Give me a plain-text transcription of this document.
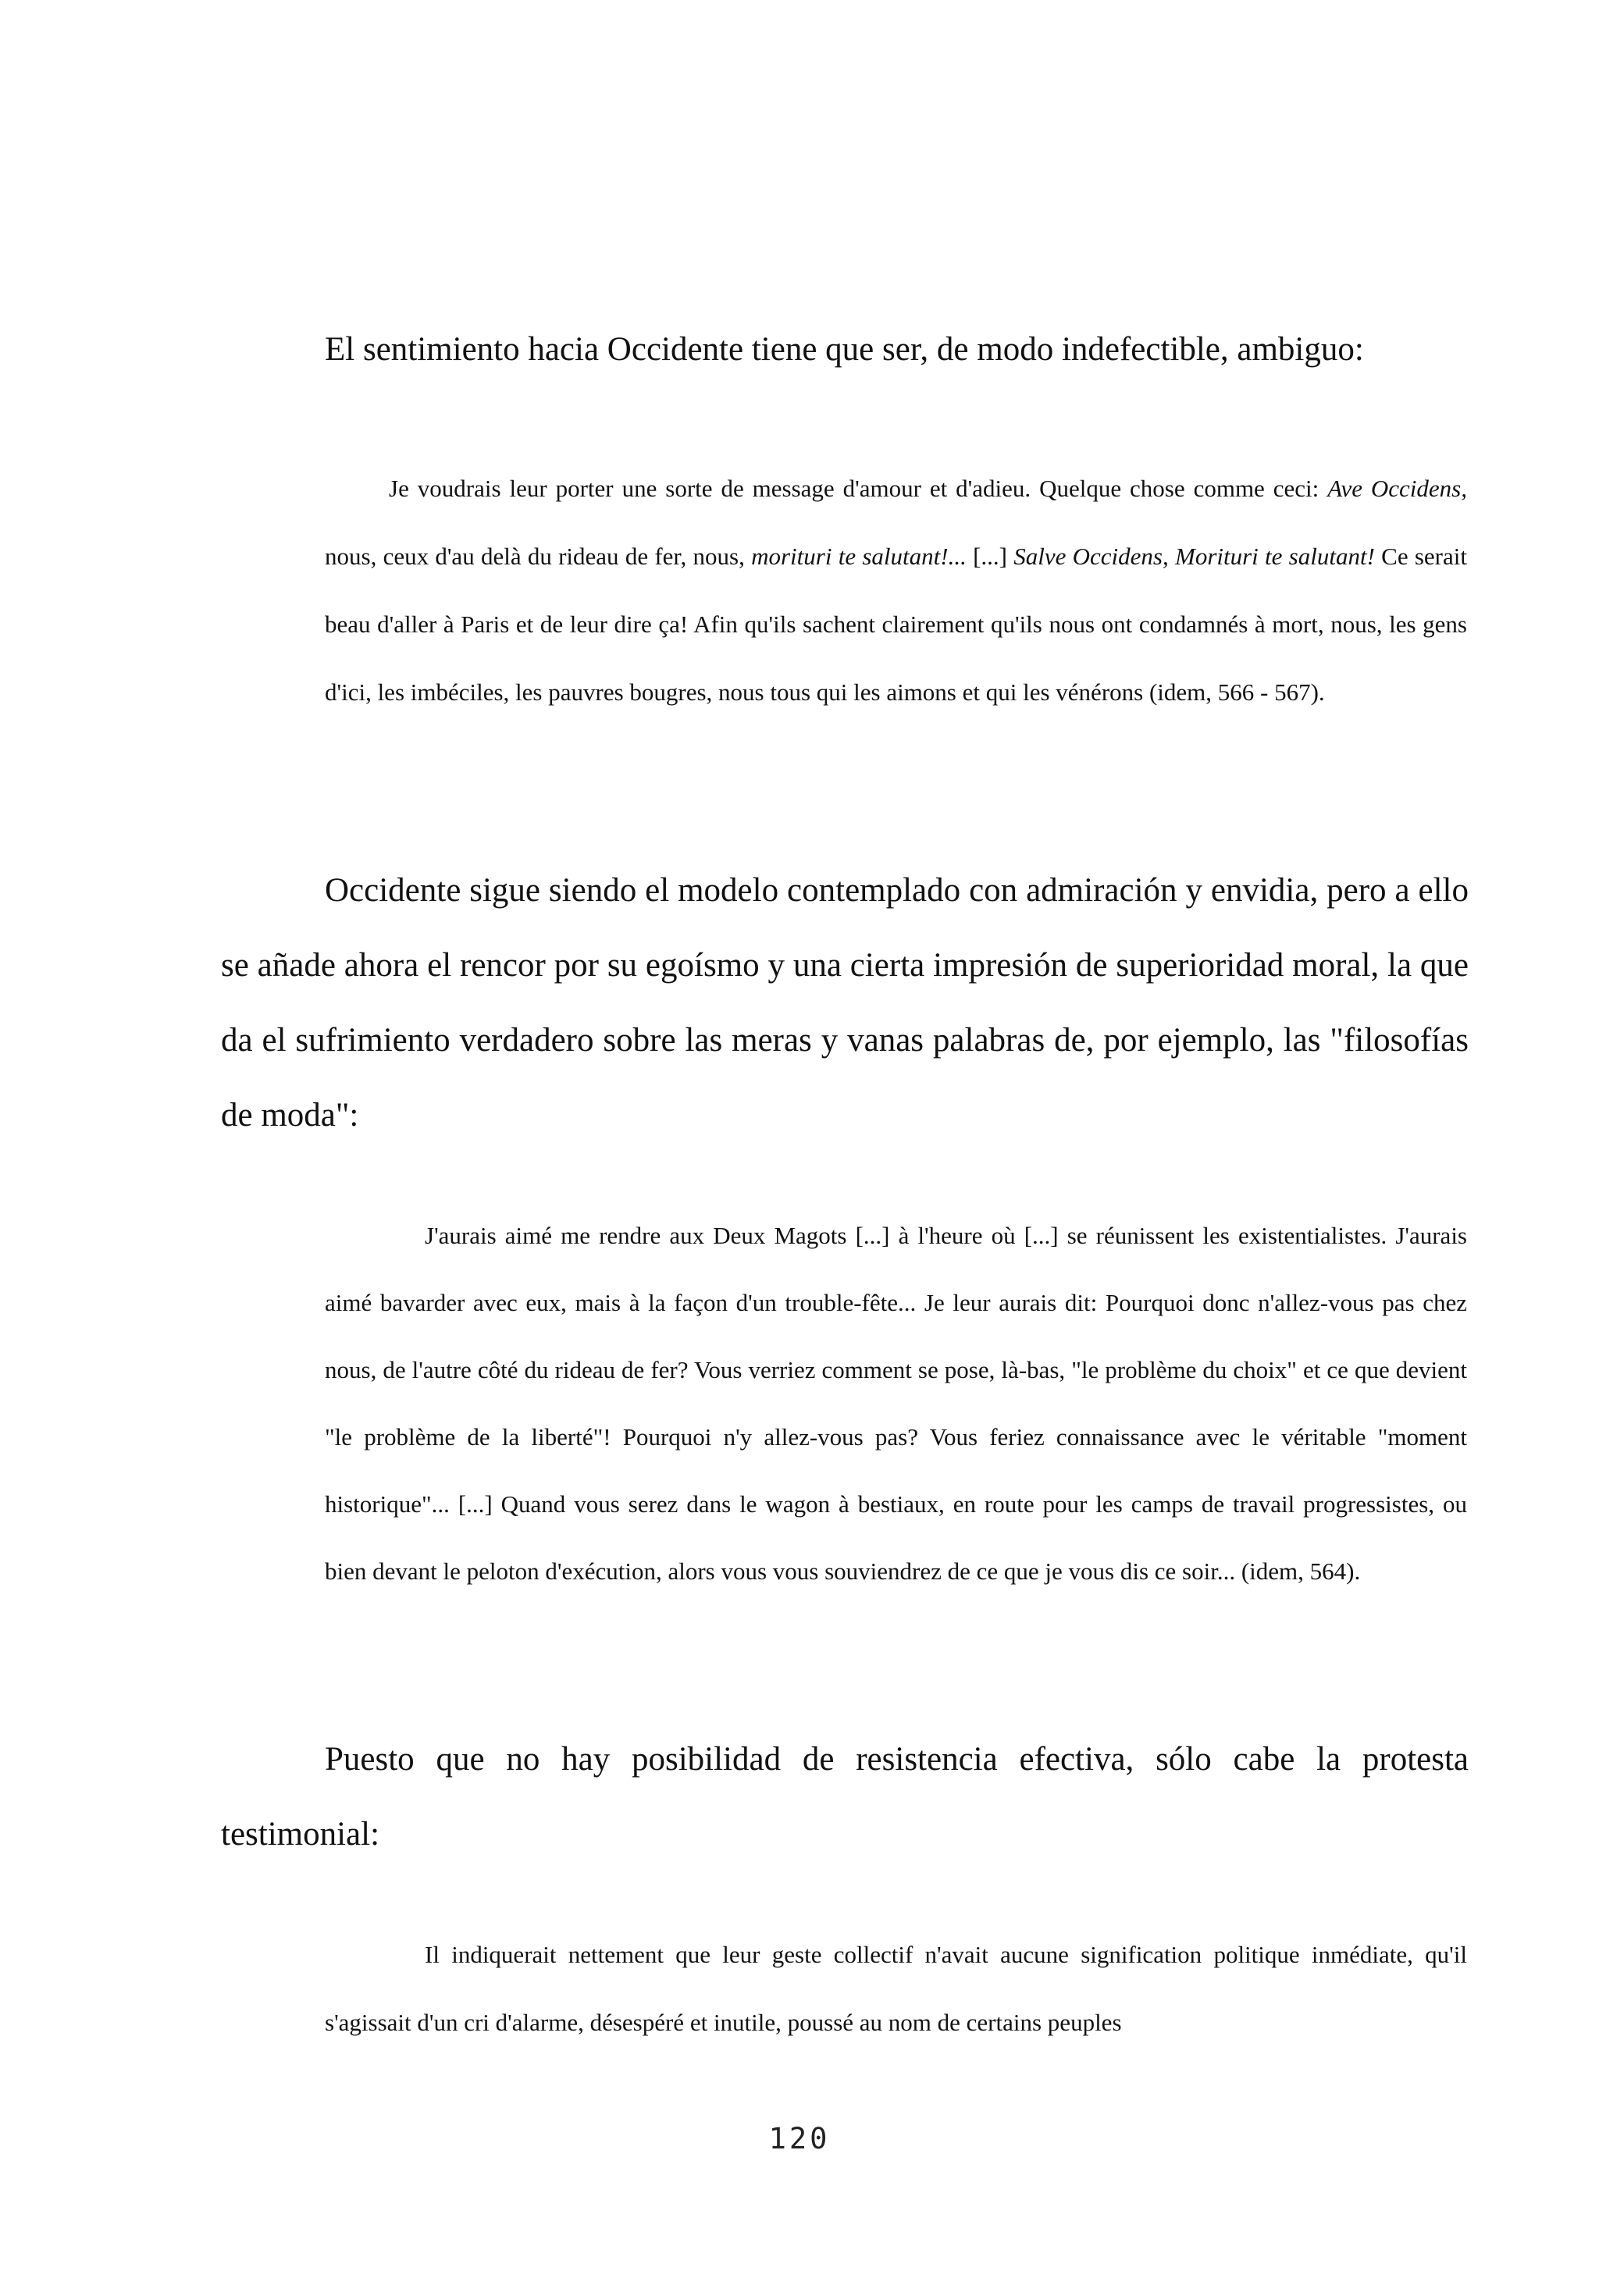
El sentimiento hacia Occidente tiene que ser, de modo indefectible, ambiguo:

Je voudrais leur porter une sorte de message d'amour et d'adieu. Quelque chose comme ceci: Ave Occidens, nous, ceux d'au delà du rideau de fer, nous, morituri te salutant!... [...] Salve Occidens, Morituri te salutant! Ce serait beau d'aller à Paris et de leur dire ça! Afin qu'ils sachent clairement qu'ils nous ont condamnés à mort, nous, les gens d'ici, les imbéciles, les pauvres bougres, nous tous qui les aimons et qui les vénérons (idem, 566 - 567).

Occidente sigue siendo el modelo contemplado con admiración y envidia, pero a ello se añade ahora el rencor por su egoísmo y una cierta impresión de superioridad moral, la que da el sufrimiento verdadero sobre las meras y vanas palabras de, por ejemplo, las "filosofías de moda":

J'aurais aimé me rendre aux Deux Magots [...] à l'heure où [...] se réunissent les existentialistes. J'aurais aimé bavarder avec eux, mais à la façon d'un trouble-fête... Je leur aurais dit: Pourquoi donc n'allez-vous pas chez nous, de l'autre côté du rideau de fer? Vous verriez comment se pose, là-bas, "le problème du choix" et ce que devient "le problème de la liberté"! Pourquoi n'y allez-vous pas? Vous feriez connaissance avec le véritable "moment historique"... [...] Quand vous serez dans le wagon à bestiaux, en route pour les camps de travail progressistes, ou bien devant le peloton d'exécution, alors vous vous souviendrez de ce que je vous dis ce soir... (idem, 564).

Puesto que no hay posibilidad de resistencia efectiva, sólo cabe la protesta testimonial:

Il indiquerait nettement que leur geste collectif n'avait aucune signification politique inmédiate, qu'il s'agissait d'un cri d'alarme, désespéré et inutile, poussé au nom de certains peuples

120
